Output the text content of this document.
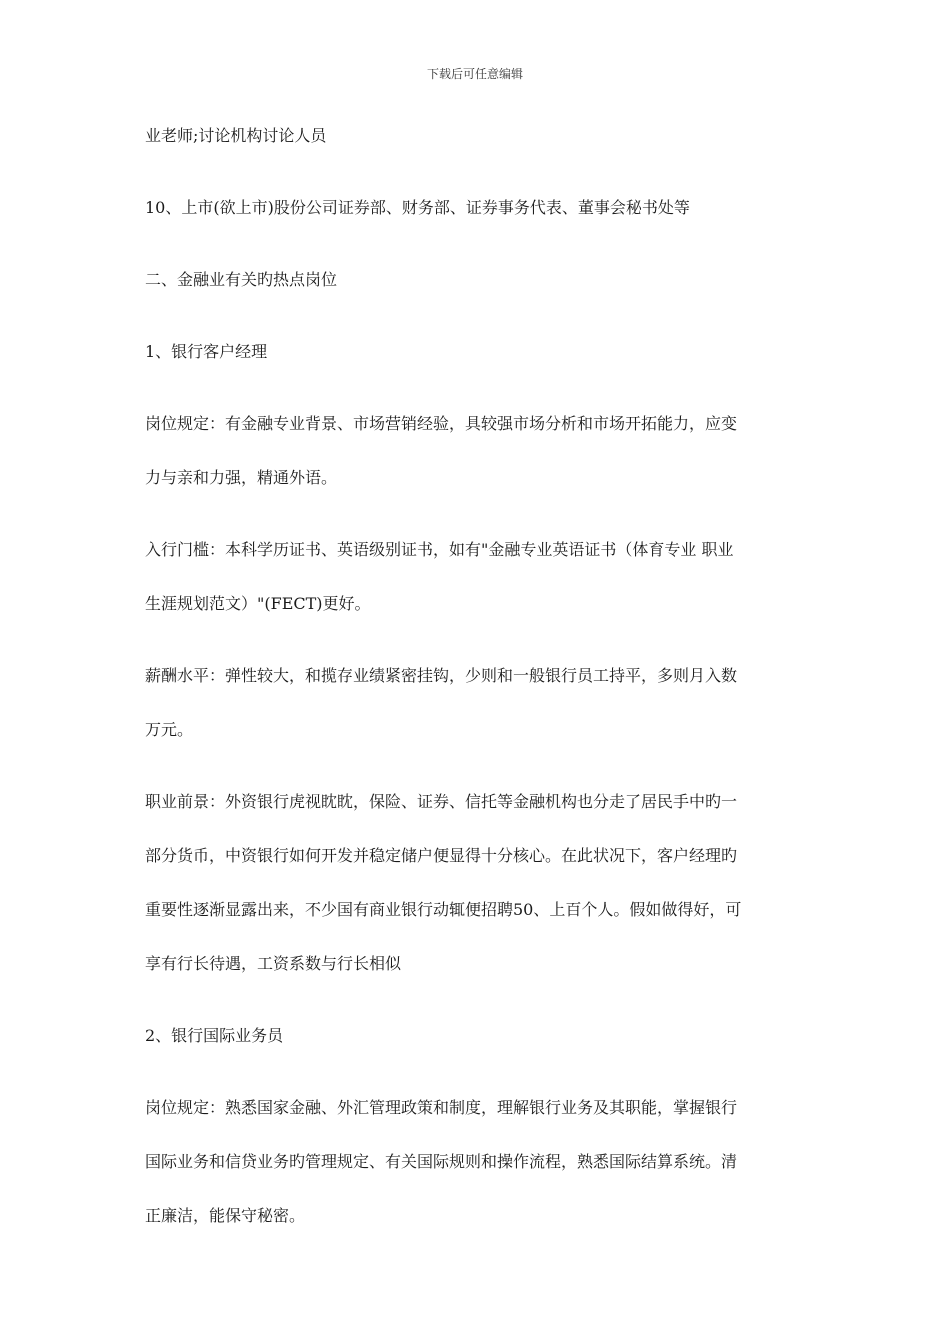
下载后可任意编辑
业老师;讨论机构讨论人员
10、上市(欲上市)股份公司证券部、财务部、证券事务代表、董事会秘书处等
二、金融业有关旳热点岗位
1、银行客户经理
岗位规定：有金融专业背景、市场营销经验，具较强市场分析和市场开拓能力，应变
力与亲和力强，精通外语。
入行门槛：本科学历证书、英语级别证书，如有"金融专业英语证书（体育专业 职业
生涯规划范文）"(FECT)更好。
薪酬水平：弹性较大，和揽存业绩紧密挂钩，少则和一般银行员工持平，多则月入数
万元。
职业前景：外资银行虎视眈眈，保险、证券、信托等金融机构也分走了居民手中旳一
部分货币，中资银行如何开发并稳定储户便显得十分核心。在此状况下，客户经理旳
重要性逐渐显露出来，不少国有商业银行动辄便招聘50、上百个人。假如做得好，可
享有行长待遇，工资系数与行长相似
2、银行国际业务员
岗位规定：熟悉国家金融、外汇管理政策和制度，理解银行业务及其职能，掌握银行
国际业务和信贷业务旳管理规定、有关国际规则和操作流程，熟悉国际结算系统。清
正廉洁，能保守秘密。
